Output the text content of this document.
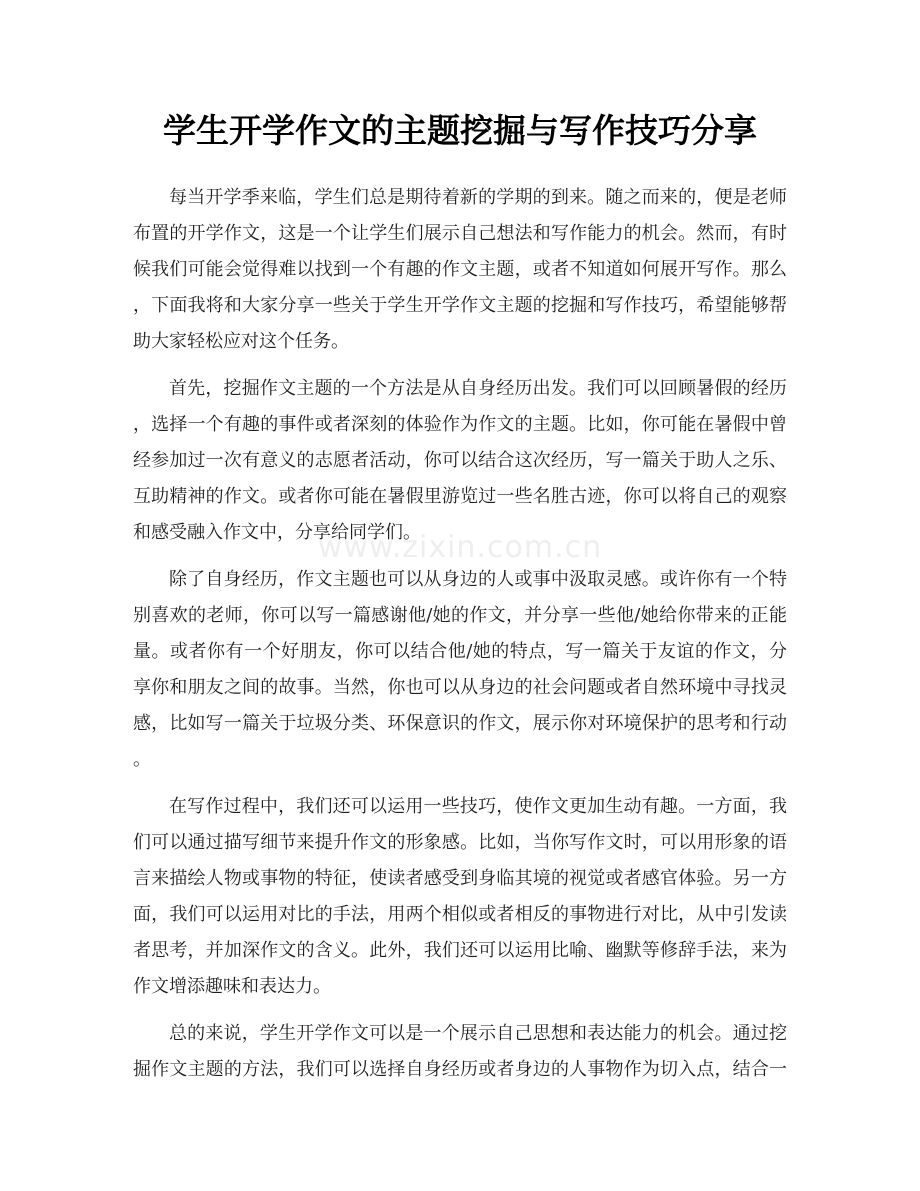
学生开学作文的主题挖掘与写作技巧分享
www.zixin.com.cn
每当开学季来临，学生们总是期待着新的学期的到来。随之而来的，便是老师
布置的开学作文，这是一个让学生们展示自己想法和写作能力的机会。然而，有时
候我们可能会觉得难以找到一个有趣的作文主题，或者不知道如何展开写作。那么
，下面我将和大家分享一些关于学生开学作文主题的挖掘和写作技巧，希望能够帮
助大家轻松应对这个任务。
首先，挖掘作文主题的一个方法是从自身经历出发。我们可以回顾暑假的经历
，选择一个有趣的事件或者深刻的体验作为作文的主题。比如，你可能在暑假中曾
经参加过一次有意义的志愿者活动，你可以结合这次经历，写一篇关于助人之乐、
互助精神的作文。或者你可能在暑假里游览过一些名胜古迹，你可以将自己的观察
和感受融入作文中，分享给同学们。
除了自身经历，作文主题也可以从身边的人或事中汲取灵感。或许你有一个特
别喜欢的老师，你可以写一篇感谢他/她的作文，并分享一些他/她给你带来的正能
量。或者你有一个好朋友，你可以结合他/她的特点，写一篇关于友谊的作文，分
享你和朋友之间的故事。当然，你也可以从身边的社会问题或者自然环境中寻找灵
感，比如写一篇关于垃圾分类、环保意识的作文，展示你对环境保护的思考和行动
。
在写作过程中，我们还可以运用一些技巧，使作文更加生动有趣。一方面，我
们可以通过描写细节来提升作文的形象感。比如，当你写作文时，可以用形象的语
言来描绘人物或事物的特征，使读者感受到身临其境的视觉或者感官体验。另一方
面，我们可以运用对比的手法，用两个相似或者相反的事物进行对比，从中引发读
者思考，并加深作文的含义。此外，我们还可以运用比喻、幽默等修辞手法，来为
作文增添趣味和表达力。
总的来说，学生开学作文可以是一个展示自己思想和表达能力的机会。通过挖
掘作文主题的方法，我们可以选择自身经历或者身边的人事物作为切入点，结合一
